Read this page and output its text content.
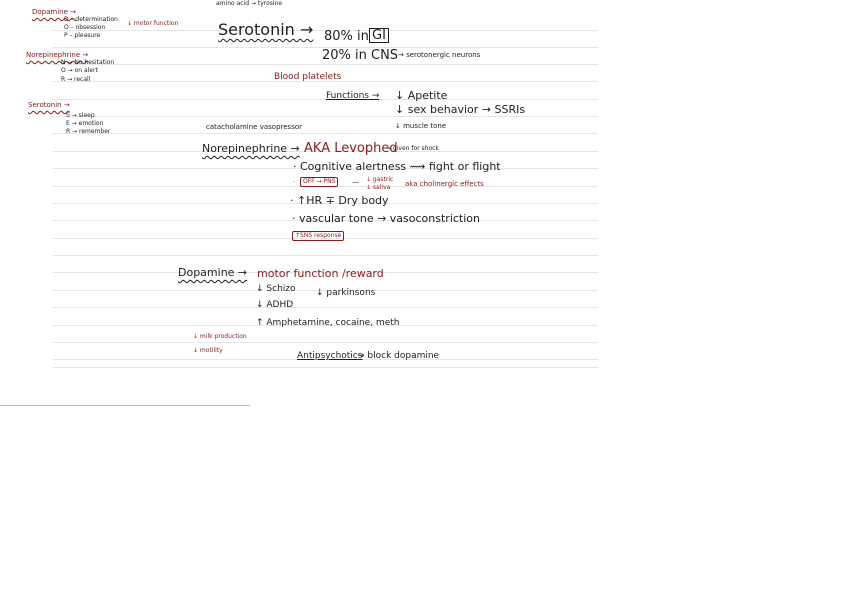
Dopamine →
D – determination
O – obsession
P – pleasure
↓ motor function
Norepinephrine →
N → No hesitation
O → on alert
R → recall
Serotonin →
S → sleep
E → emotion
R → remember
amino acid → tyrosine
Serotonin → 80% in GI
20% in CNS → serotonergic neurons
Blood platelets
Functions → ↓ Apetite
↓ sex behavior → SSRIs
↓ muscle tone
catacholamine vasopressor
Norepinephrine → AKA Levophed
→ given for shock
· Cognitive alertness ⟿ fight or flight
·	OFF → PNS	— ↓ gastric
↓ saliva aka cholinergic effects
· ↑HR ∓ Dry body
· vascular tone → vasoconstriction
↑SNS response
Dopamine → motor function /reward
↓ Schizo ↓ parkinsons
↓ ADHD
↑ Amphetamine, cocaine, meth
↓ milk production
↓ motility
Antipsychotics
→ block dopamine
